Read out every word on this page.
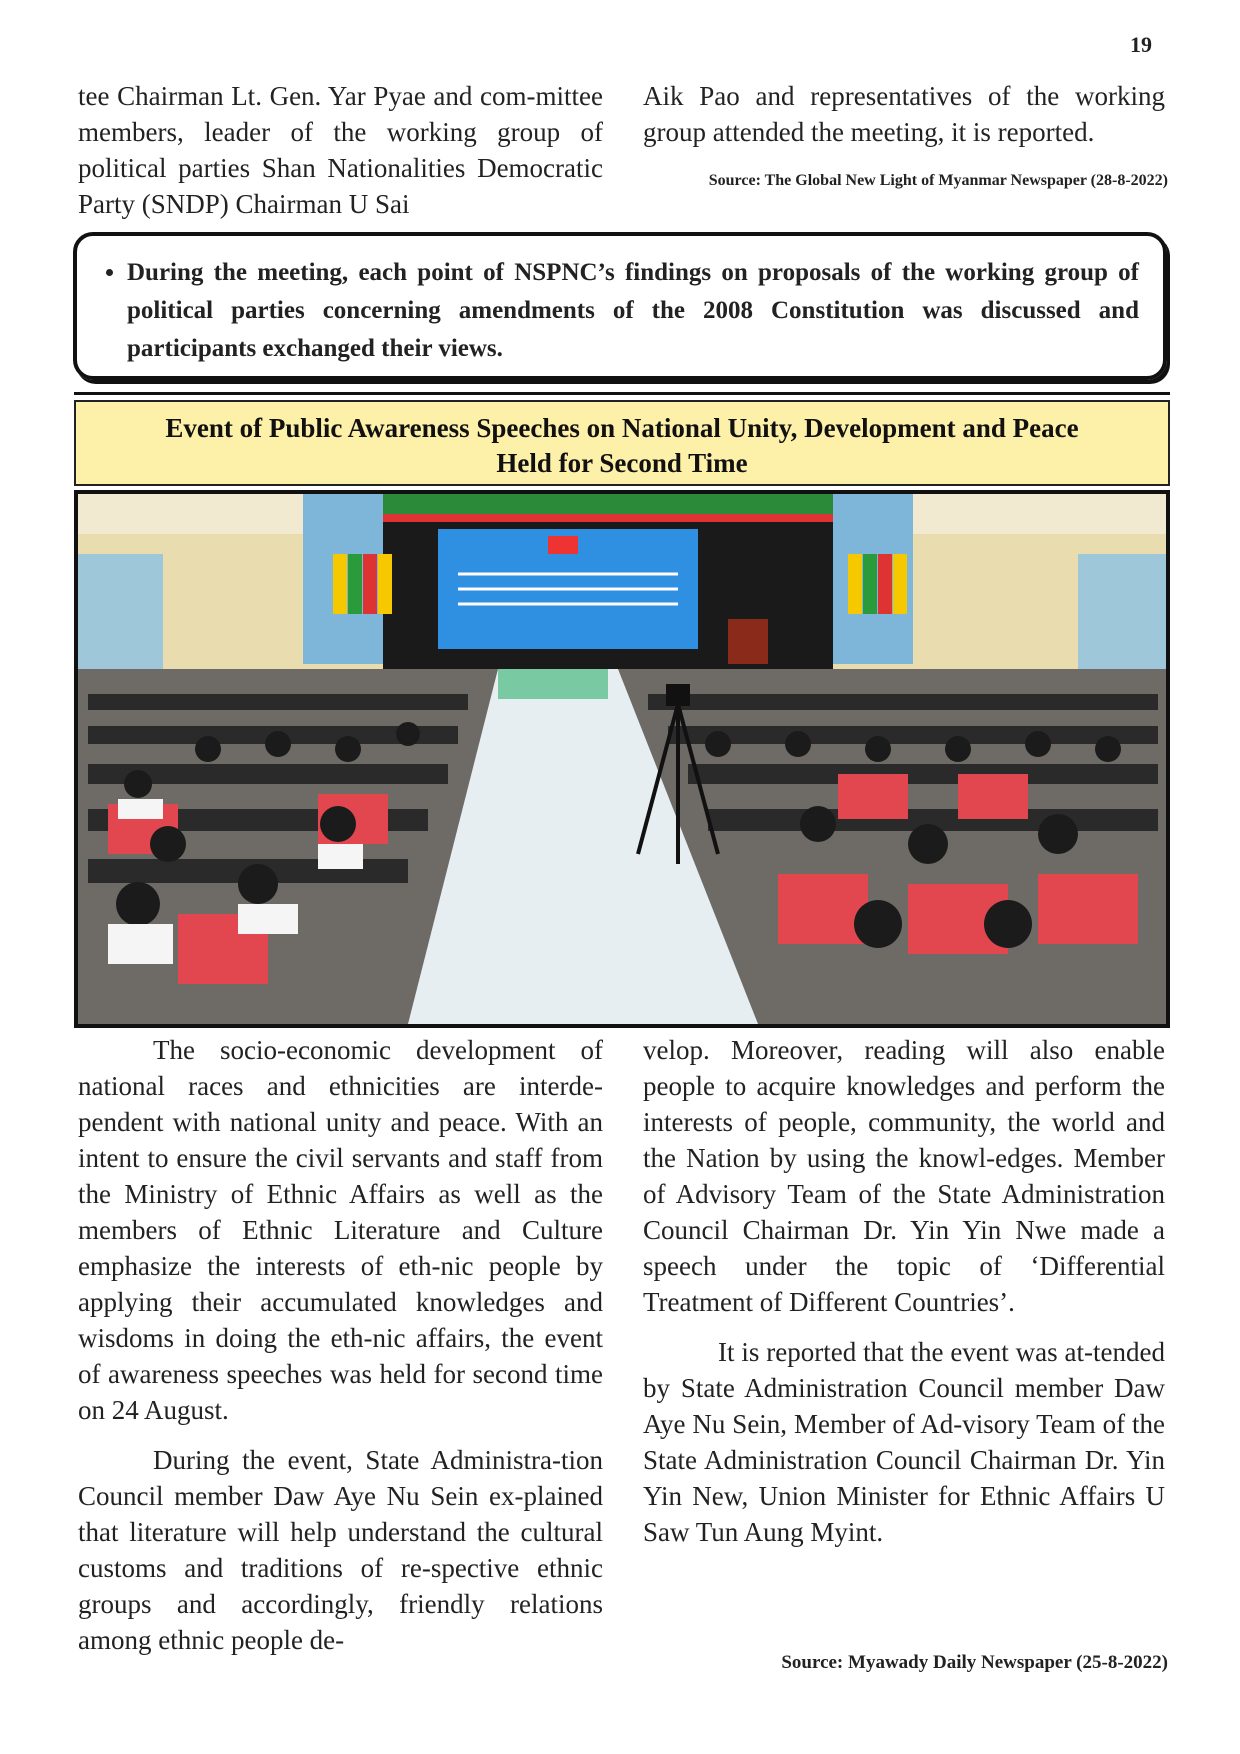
19

tee Chairman Lt. Gen. Yar Pyae and com-mittee members, leader of the working group of political parties Shan Nationalities Democratic Party (SNDP) Chairman U Sai

Aik Pao and representatives of the working group attended the meeting, it is reported.

Source: The Global New Light of Myanmar Newspaper (28-8-2022)
• During the meeting, each point of NSPNC’s findings on proposals of the working group of political parties concerning amendments of the 2008 Constitution was discussed and participants exchanged their views.
Event of Public Awareness Speeches on National Unity, Development and Peace
Held for Second Time

The socio-economic development of national races and ethnicities are interde-pendent with national unity and peace. With an intent to ensure the civil servants and staff from the Ministry of Ethnic Affairs as well as the members of Ethnic Literature and Culture emphasize the interests of eth-nic people by applying their accumulated knowledges and wisdoms in doing the eth-nic affairs, the event of awareness speeches was held for second time on 24 August.

During the event, State Administra-tion Council member Daw Aye Nu Sein ex-plained that literature will help understand the cultural customs and traditions of re-spective ethnic groups and accordingly, friendly relations among ethnic people de-

velop. Moreover, reading will also enable people to acquire knowledges and perform the interests of people, community, the world and the Nation by using the knowl-edges. Member of Advisory Team of the State Administration Council Chairman Dr. Yin Yin Nwe made a speech under the topic of ‘Differential Treatment of Different Countries’.

It is reported that the event was at-tended by State Administration Council member Daw Aye Nu Sein, Member of Ad-visory Team of the State Administration Council Chairman Dr. Yin Yin New, Union Minister for Ethnic Affairs U Saw Tun Aung Myint.

Source: Myawady Daily Newspaper (25-8-2022)
